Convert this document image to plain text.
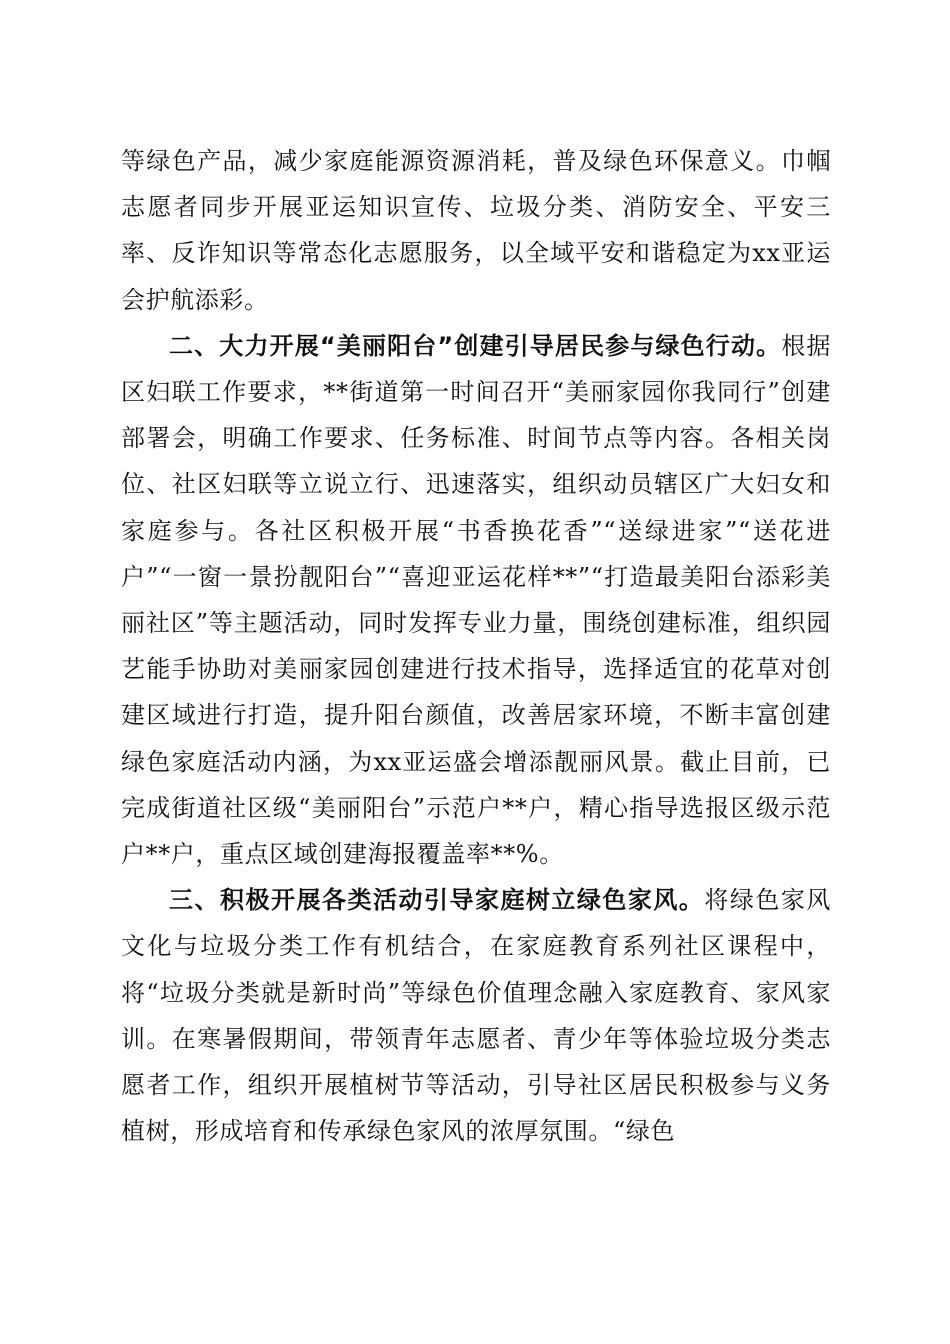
等绿色产品，减少家庭能源资源消耗，普及绿色环保意义。巾帼志愿者同步开展亚运知识宣传、垃圾分类、消防安全、平安三率、反诈知识等常态化志愿服务，以全域平安和谐稳定为xx亚运会护航添彩。

二、大力开展“美丽阳台”创建引导居民参与绿色行动。根据区妇联工作要求，**街道第一时间召开“美丽家园你我同行”创建部署会，明确工作要求、任务标准、时间节点等内容。各相关岗位、社区妇联等立说立行、迅速落实，组织动员辖区广大妇女和家庭参与。各社区积极开展“书香换花香”“送绿进家”“送花进户”“一窗一景扮靓阳台”“喜迎亚运花样**”“打造最美阳台添彩美丽社区”等主题活动，同时发挥专业力量，围绕创建标准，组织园艺能手协助对美丽家园创建进行技术指导，选择适宜的花草对创建区域进行打造，提升阳台颜值，改善居家环境，不断丰富创建绿色家庭活动内涵，为xx亚运盛会增添靓丽风景。截止目前，已完成街道社区级“美丽阳台”示范户**户，精心指导选报区级示范户**户，重点区域创建海报覆盖率**%。

三、积极开展各类活动引导家庭树立绿色家风。将绿色家风文化与垃圾分类工作有机结合，在家庭教育系列社区课程中，将“垃圾分类就是新时尚”等绿色价值理念融入家庭教育、家风家训。在寒暑假期间，带领青年志愿者、青少年等体验垃圾分类志愿者工作，组织开展植树节等活动，引导社区居民积极参与义务植树，形成培育和传承绿色家风的浓厚氛围。“绿色
